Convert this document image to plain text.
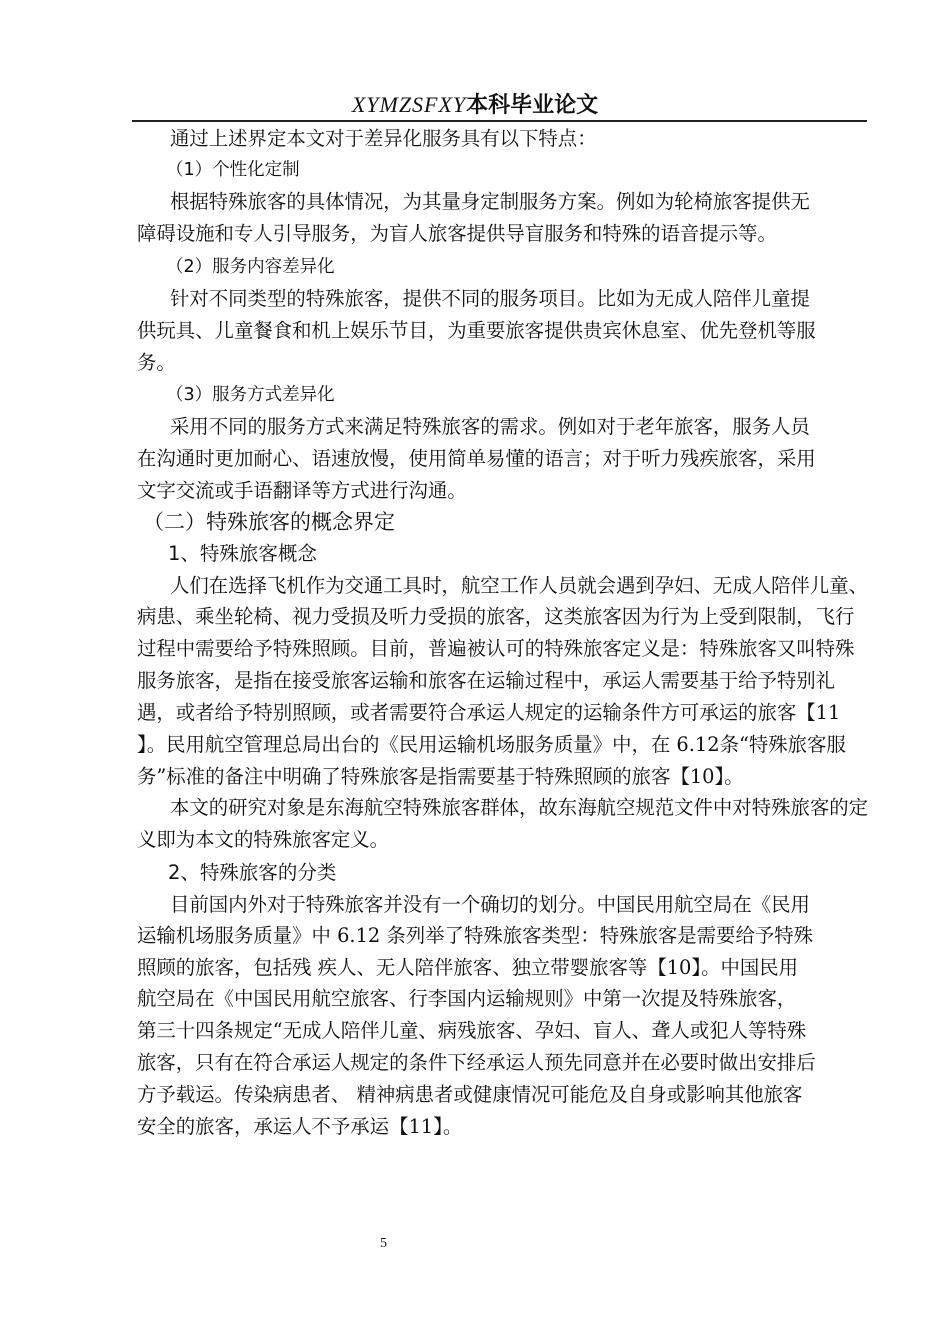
XYMZSFXY本科毕业论文
通过上述界定本文对于差异化服务具有以下特点：
（1）个性化定制
根据特殊旅客的具体情况，为其量身定制服务方案。例如为轮椅旅客提供无
障碍设施和专人引导服务，为盲人旅客提供导盲服务和特殊的语音提示等。
（2）服务内容差异化
针对不同类型的特殊旅客，提供不同的服务项目。比如为无成人陪伴儿童提
供玩具、儿童餐食和机上娱乐节目，为重要旅客提供贵宾休息室、优先登机等服
务。
（3）服务方式差异化
采用不同的服务方式来满足特殊旅客的需求。例如对于老年旅客，服务人员
在沟通时更加耐心、语速放慢，使用简单易懂的语言；对于听力残疾旅客，采用
文字交流或手语翻译等方式进行沟通。
（二）特殊旅客的概念界定
1、特殊旅客概念
人们在选择飞机作为交通工具时，航空工作人员就会遇到孕妇、无成人陪伴儿童、
病患、乘坐轮椅、视力受损及听力受损的旅客，这类旅客因为行为上受到限制，飞行
过程中需要给予特殊照顾。目前，普遍被认可的特殊旅客定义是：特殊旅客又叫特殊
服务旅客，是指在接受旅客运输和旅客在运输过程中，承运人需要基于给予特别礼
遇，或者给予特别照顾，或者需要符合承运人规定的运输条件方可承运的旅客【11
】。民用航空管理总局出台的《民用运输机场服务质量》中，在 6.12条“特殊旅客服
务”标准的备注中明确了特殊旅客是指需要基于特殊照顾的旅客【10】。
本文的研究对象是东海航空特殊旅客群体，故东海航空规范文件中对特殊旅客的定
义即为本文的特殊旅客定义。
2、特殊旅客的分类
目前国内外对于特殊旅客并没有一个确切的划分。中国民用航空局在《民用
运输机场服务质量》中 6.12 条列举了特殊旅客类型：特殊旅客是需要给予特殊
照顾的旅客，包括残 疾人、无人陪伴旅客、独立带婴旅客等【10】。中国民用
航空局在《中国民用航空旅客、行李国内运输规则》中第一次提及特殊旅客，
第三十四条规定“无成人陪伴儿童、病残旅客、孕妇、盲人、聋人或犯人等特殊
旅客，只有在符合承运人规定的条件下经承运人预先同意并在必要时做出安排后
方予载运。传染病患者、 精神病患者或健康情况可能危及自身或影响其他旅客
安全的旅客，承运人不予承运【11】。
5
